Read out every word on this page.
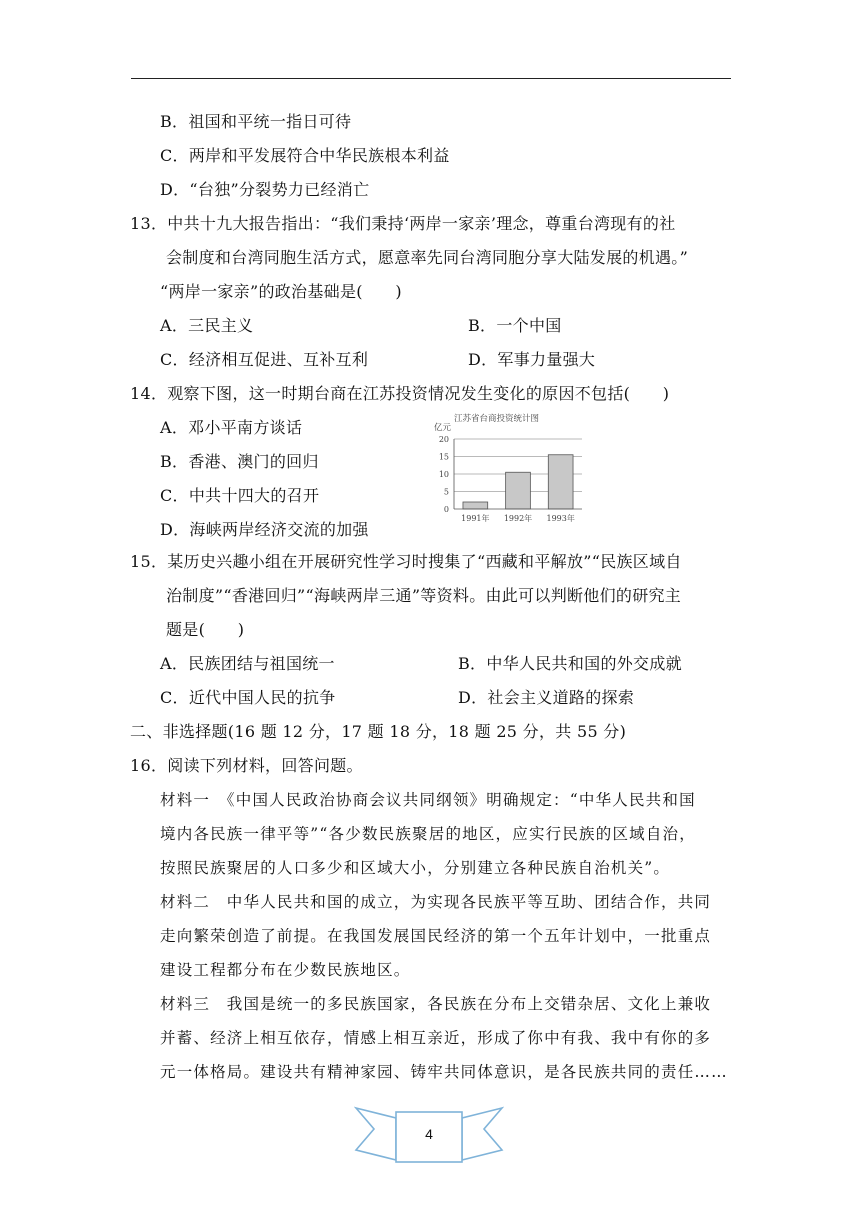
B．祖国和平统一指日可待
C．两岸和平发展符合中华民族根本利益
D．“台独”分裂势力已经消亡
13．中共十九大报告指出：“我们秉持‘两岸一家亲’理念，尊重台湾现有的社
会制度和台湾同胞生活方式，愿意率先同台湾同胞分享大陆发展的机遇。”
“两岸一家亲”的政治基础是(　　)
A．三民主义	B．一个中国
C．经济相互促进、互补互利	D．军事力量强大
14．观察下图，这一时期台商在江苏投资情况发生变化的原因不包括(　　)
A．邓小平南方谈话
B．香港、澳门的回归
C．中共十四大的召开
D．海峡两岸经济交流的加强
江苏省台商投资统计图
亿元
0
5
10
15
20
1991年 1992年 1993年
15．某历史兴趣小组在开展研究性学习时搜集了“西藏和平解放”“民族区域自
治制度”“香港回归”“海峡两岸三通”等资料。由此可以判断他们的研究主
题是(　　)
A．民族团结与祖国统一	B．中华人民共和国的外交成就
C．近代中国人民的抗争	D．社会主义道路的探索
二、非选择题(16 题 12 分，17 题 18 分，18 题 25 分，共 55 分)
16．阅读下列材料，回答问题。
材料一　《中国人民政治协商会议共同纲领》明确规定：“中华人民共和国
境内各民族一律平等”“各少数民族聚居的地区，应实行民族的区域自治，
按照民族聚居的人口多少和区域大小，分别建立各种民族自治机关”。
材料二　中华人民共和国的成立，为实现各民族平等互助、团结合作，共同
走向繁荣创造了前提。在我国发展国民经济的第一个五年计划中，一批重点
建设工程都分布在少数民族地区。
材料三　我国是统一的多民族国家，各民族在分布上交错杂居、文化上兼收
并蓄、经济上相互依存，情感上相互亲近，形成了你中有我、我中有你的多
元一体格局。建设共有精神家园、铸牢共同体意识，是各民族共同的责任……
4
